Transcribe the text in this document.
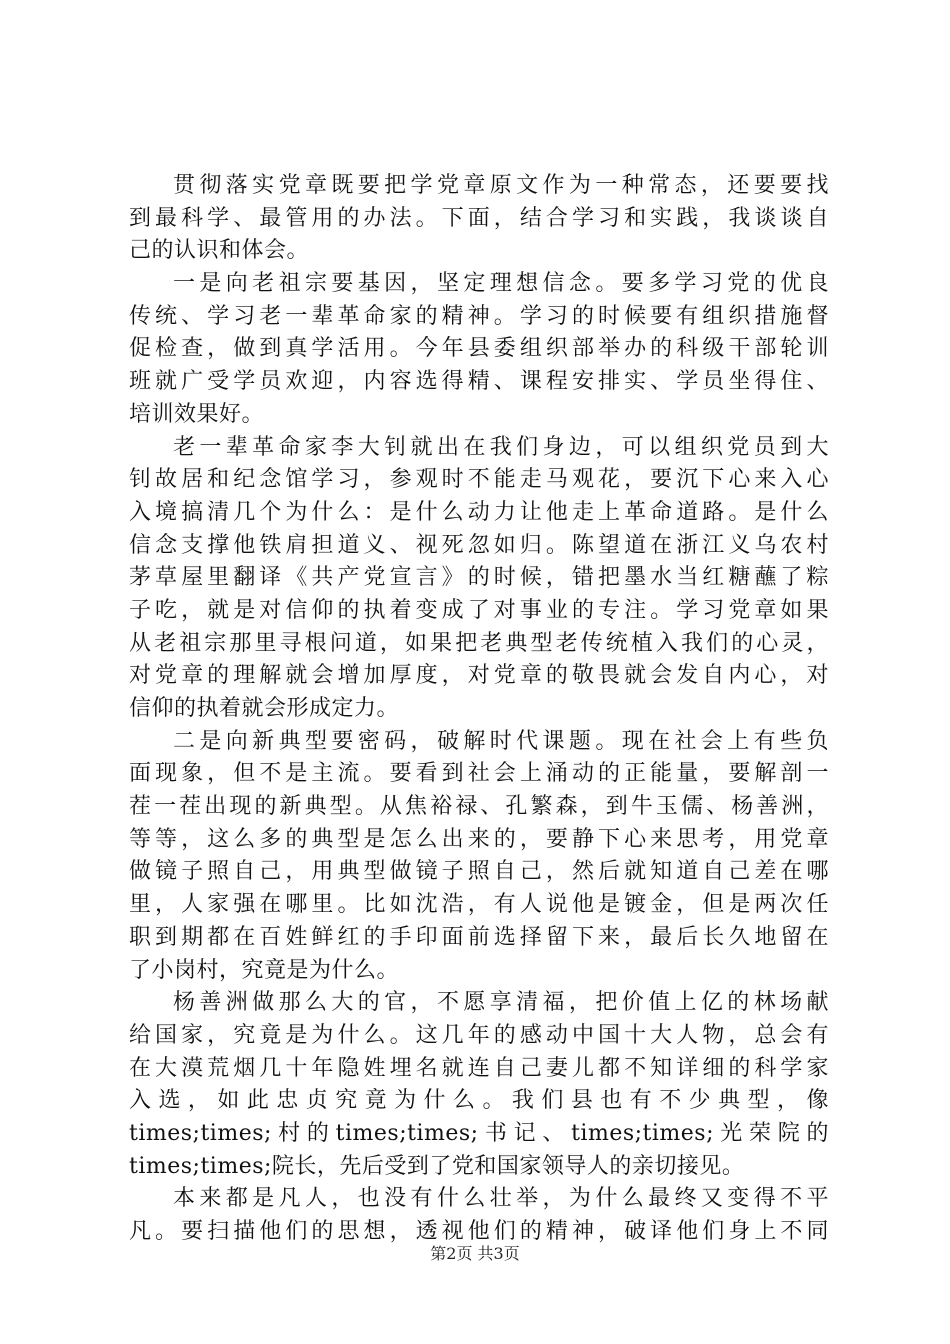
贯彻落实党章既要把学党章原文作为一种常态，还要要找
到最科学、最管用的办法。下面，结合学习和实践，我谈谈自
己的认识和体会。
一是向老祖宗要基因，坚定理想信念。要多学习党的优良
传统、学习老一辈革命家的精神。学习的时候要有组织措施督
促检查，做到真学活用。今年县委组织部举办的科级干部轮训
班就广受学员欢迎，内容选得精、课程安排实、学员坐得住、
培训效果好。
老一辈革命家李大钊就出在我们身边，可以组织党员到大
钊故居和纪念馆学习，参观时不能走马观花，要沉下心来入心
入境搞清几个为什么：是什么动力让他走上革命道路。是什么
信念支撑他铁肩担道义、视死忽如归。陈望道在浙江义乌农村
茅草屋里翻译《共产党宣言》的时候，错把墨水当红糖蘸了粽
子吃，就是对信仰的执着变成了对事业的专注。学习党章如果
从老祖宗那里寻根问道，如果把老典型老传统植入我们的心灵，
对党章的理解就会增加厚度，对党章的敬畏就会发自内心，对
信仰的执着就会形成定力。
二是向新典型要密码，破解时代课题。现在社会上有些负
面现象，但不是主流。要看到社会上涌动的正能量，要解剖一
茬一茬出现的新典型。从焦裕禄、孔繁森，到牛玉儒、杨善洲，
等等，这么多的典型是怎么出来的，要静下心来思考，用党章
做镜子照自己，用典型做镜子照自己，然后就知道自己差在哪
里，人家强在哪里。比如沈浩，有人说他是镀金，但是两次任
职到期都在百姓鲜红的手印面前选择留下来，最后长久地留在
了小岗村，究竟是为什么。
杨善洲做那么大的官，不愿享清福，把价值上亿的林场献
给国家，究竟是为什么。这几年的感动中国十大人物，总会有
在大漠荒烟几十年隐姓埋名就连自己妻儿都不知详细的科学家
入选，如此忠贞究竟为什么。我们县也有不少典型，像
times;times;村的times;times;书记、times;times;光荣院的
times;times;院长，先后受到了党和国家领导人的亲切接见。
本来都是凡人，也没有什么壮举，为什么最终又变得不平
凡。要扫描他们的思想，透视他们的精神，破译他们身上不同
第2页 共3页
